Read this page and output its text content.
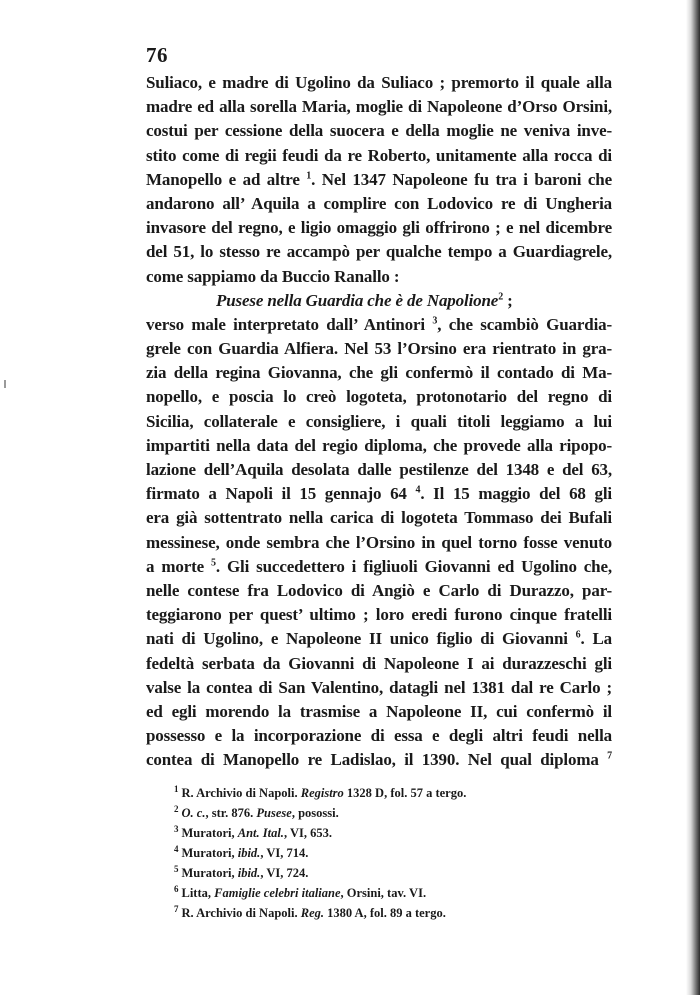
76
Suliaco, e madre di Ugolino da Suliaco ; premorto il quale alla
madre ed alla sorella Maria, moglie di Napoleone d’Orso Orsini,
costui per cessione della suocera e della moglie ne veniva inve-
stito come di regii feudi da re Roberto, unitamente alla rocca di
Manopello e ad altre $^1$. Nel 1347 Napoleone fu tra i baroni che
andarono all’ Aquila a complire con Lodovico re di Ungheria
invasore del regno, e ligio omaggio gli offrirono ; e nel dicembre
del 51, lo stesso re accampò per qualche tempo a Guardiagrele,
come sappiamo da Buccio Ranallo :
Pusese nella Guardia che è de Napolione$^2$ ;
verso male interpretato dall’ Antinori $^3$, che scambiò Guardia-
grele con Guardia Alfiera. Nel 53 l’Orsino era rientrato in gra-
zia della regina Giovanna, che gli confermò il contado di Ma-
nopello, e poscia lo creò logoteta, protonotario del regno di
Sicilia, collaterale e consigliere, i quali titoli leggiamo a lui
impartiti nella data del regio diploma, che provede alla ripopo-
lazione dell’Aquila desolata dalle pestilenze del 1348 e del 63,
firmato a Napoli il 15 gennajo 64 $^4$. Il 15 maggio del 68 gli
era già sottentrato nella carica di logoteta Tommaso dei Bufali
messinese, onde sembra che l’Orsino in quel torno fosse venuto
a morte $^5$. Gli succedettero i figliuoli Giovanni ed Ugolino che,
nelle contese fra Lodovico di Angiò e Carlo di Durazzo, par-
teggiarono per quest’ ultimo ; loro eredi furono cinque fratelli
nati di Ugolino, e Napoleone II unico figlio di Giovanni $^6$. La
fedeltà serbata da Giovanni di Napoleone I ai durazzeschi gli
valse la contea di San Valentino, datagli nel 1381 dal re Carlo ;
ed egli morendo la trasmise a Napoleone II, cui confermò il
possesso e la incorporazione di essa e degli altri feudi nella
contea di Manopello re Ladislao, il 1390. Nel qual diploma $^7$
$^1$ R. Archivio di Napoli. Registro 1328 D, fol. 57 a tergo.
$^2$ O. c., str. 876. Pusese, posossi.
$^3$ Muratori, Ant. Ital., VI, 653.
$^4$ Muratori, ibid., VI, 714.
$^5$ Muratori, ibid., VI, 724.
$^6$ Litta, Famiglie celebri italiane, Orsini, tav. VI.
$^7$ R. Archivio di Napoli. Reg. 1380 A, fol. 89 a tergo.
